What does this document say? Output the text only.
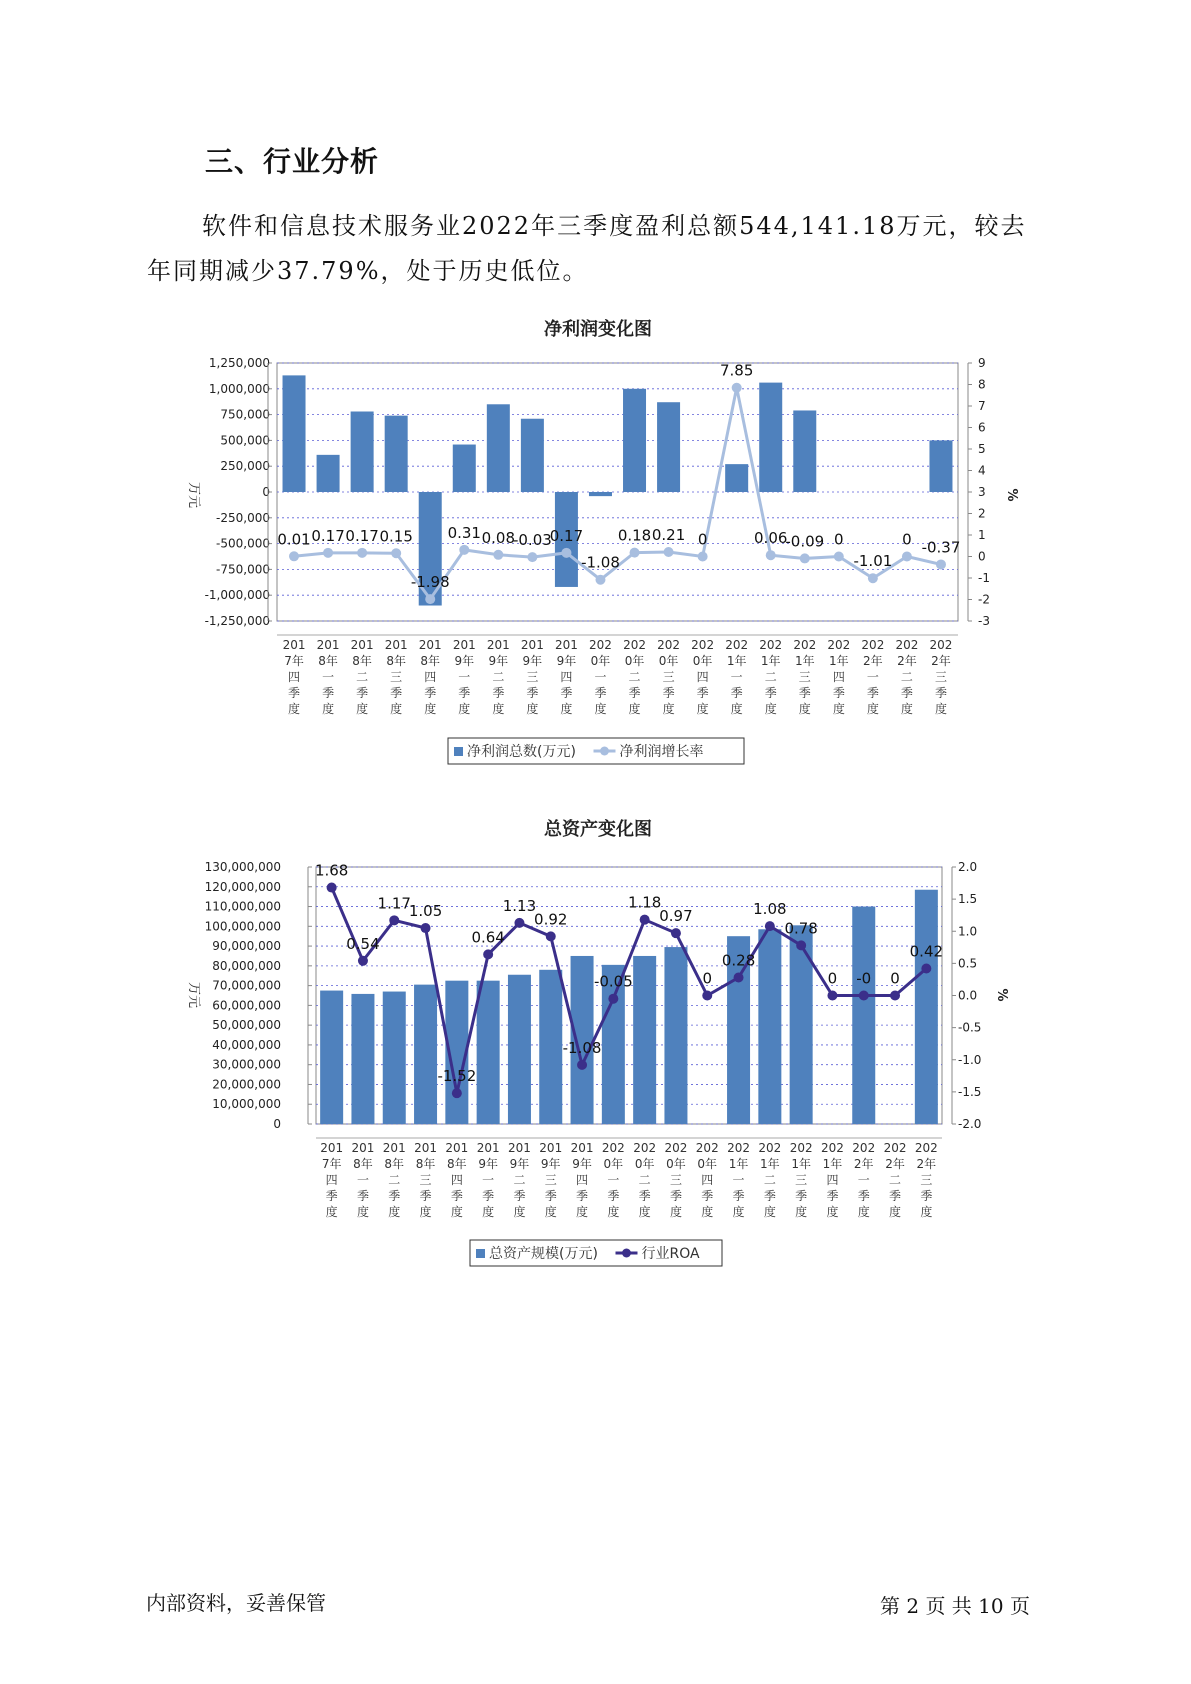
三、行业分析

软件和信息技术服务业2022年三季度盈利总额544,141.18万元，较去年同期减少37.79%，处于历史低位。

净利润变化图
1,250,000
1,000,000
750,000
500,000
250,000
0
-250,000
-500,000
-750,000
-1,000,000
-1,250,000
9
8
7
6
5
4
3
2
1
0
-1
-2
-3
万元	%
0.01 0.17 0.17 0.15
-1.98
0.31 0.08
-0.03
0.17
-1.08
0.18 0.21 0
7.85
0.06
-0.09 0
-1.01
0 -0.37
201
7年
四
季
度
201
8年
一
季
度
201
8年
二
季
度
201
8年
三
季
度
201
8年
四
季
度
201
9年
一
季
度
201
9年
二
季
度
201
9年
三
季
度
201
9年
四
季
度
202
0年
一
季
度
202
0年
二
季
度
202
0年
三
季
度
202
0年
四
季
度
202
1年
一
季
度
202
1年
二
季
度
202
1年
三
季
度
202
1年
四
季
度
202
2年
一
季
度
202
2年
二
季
度
202
2年
三
季
度
净利润总数(万元)	净利润增长率
总资产变化图
130,000,000
120,000,000
110,000,000
100,000,000
90,000,000
80,000,000
70,000,000
60,000,000
50,000,000
40,000,000
30,000,000
20,000,000
10,000,000
0
2.0
1.5
1.0
0.5
0.0
-0.5
-1.0
-1.5
-2.0
万元	%
1.68
0.54
1.17
1.05
-1.52
0.64
1.13
0.92
-1.08
-0.05
1.18
0.97
0
0.28
1.08
0.78
0 -0 0
0.42
201
7年
四
季
度
201
8年
一
季
度
201
8年
二
季
度
201
8年
三
季
度
201
8年
四
季
度
201
9年
一
季
度
201
9年
二
季
度
201
9年
三
季
度
201
9年
四
季
度
202
0年
一
季
度
202
0年
二
季
度
202
0年
三
季
度
202
0年
四
季
度
202
1年
一
季
度
202
1年
二
季
度
202
1年
三
季
度
202
1年
四
季
度
202
2年
一
季
度
202
2年
二
季
度
202
2年
三
季
度
总资产规模(万元)	行业ROA
内部资料，妥善保管	第 2 页 共 10 页
